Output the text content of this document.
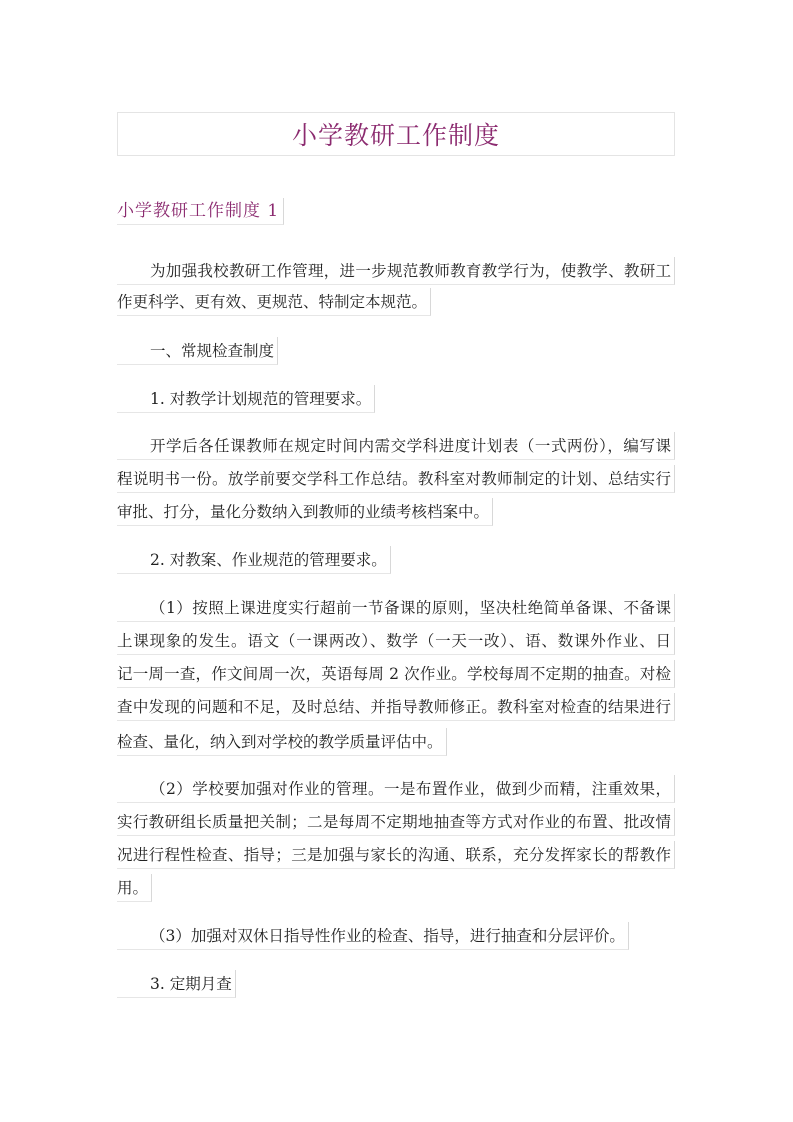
小学教研工作制度
小学教研工作制度 1
为加强我校教研工作管理，进一步规范教师教育教学行为，使教学、教研工
作更科学、更有效、更规范、特制定本规范。
一、常规检查制度
1. 对教学计划规范的管理要求。
开学后各任课教师在规定时间内需交学科进度计划表（一式两份），编写课
程说明书一份。放学前要交学科工作总结。教科室对教师制定的计划、总结实行
审批、打分，量化分数纳入到教师的业绩考核档案中。
2. 对教案、作业规范的管理要求。
（1）按照上课进度实行超前一节备课的原则，坚决杜绝简单备课、不备课
上课现象的发生。语文（一课两改）、数学（一天一改）、语、数课外作业、日
记一周一查，作文间周一次，英语每周 2 次作业。学校每周不定期的抽查。对检
查中发现的问题和不足，及时总结、并指导教师修正。教科室对检查的结果进行
检查、量化，纳入到对学校的教学质量评估中。
（2）学校要加强对作业的管理。一是布置作业，做到少而精，注重效果，
实行教研组长质量把关制；二是每周不定期地抽查等方式对作业的布置、批改情
况进行程性检查、指导；三是加强与家长的沟通、联系，充分发挥家长的帮教作
用。
（3）加强对双休日指导性作业的检查、指导，进行抽查和分层评价。
3. 定期月查
